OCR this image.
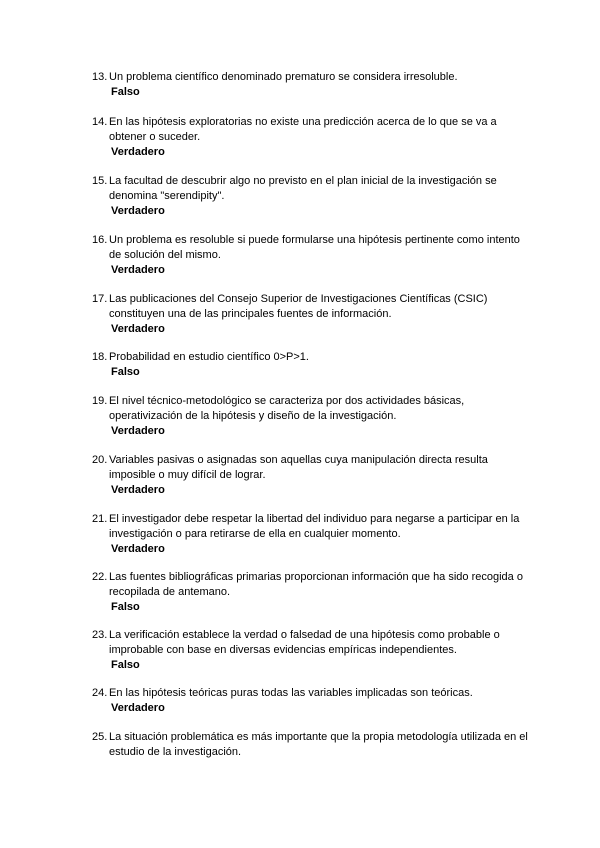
13. Un problema científico denominado prematuro se considera irresoluble.
Falso
14. En las hipótesis exploratorias no existe una predicción acerca de lo que se va a obtener o suceder.
Verdadero
15. La facultad de descubrir algo no previsto en el plan inicial de la investigación se denomina "serendipity".
Verdadero
16. Un problema es resoluble si puede formularse una hipótesis pertinente como intento de solución del mismo.
Verdadero
17. Las publicaciones del Consejo Superior de Investigaciones Científicas (CSIC) constituyen una de las principales fuentes de información.
Verdadero
18. Probabilidad en estudio científico 0>P>1.
Falso
19. El nivel técnico-metodológico se caracteriza por dos actividades básicas, operativización de la hipótesis y diseño de la investigación.
Verdadero
20. Variables pasivas o asignadas son aquellas cuya manipulación directa resulta imposible o muy difícil de lograr.
Verdadero
21. El investigador debe respetar la libertad del individuo para negarse a participar en la investigación o para retirarse de ella en cualquier momento.
Verdadero
22. Las fuentes bibliográficas primarias proporcionan información que ha sido recogida o recopilada de antemano.
Falso
23. La verificación establece la verdad o falsedad de una hipótesis como probable o improbable con base en diversas evidencias empíricas independientes.
Falso
24. En las hipótesis teóricas puras todas las variables implicadas son teóricas.
Verdadero
25. La situación problemática es más importante que la propia metodología utilizada en el estudio de la investigación.
